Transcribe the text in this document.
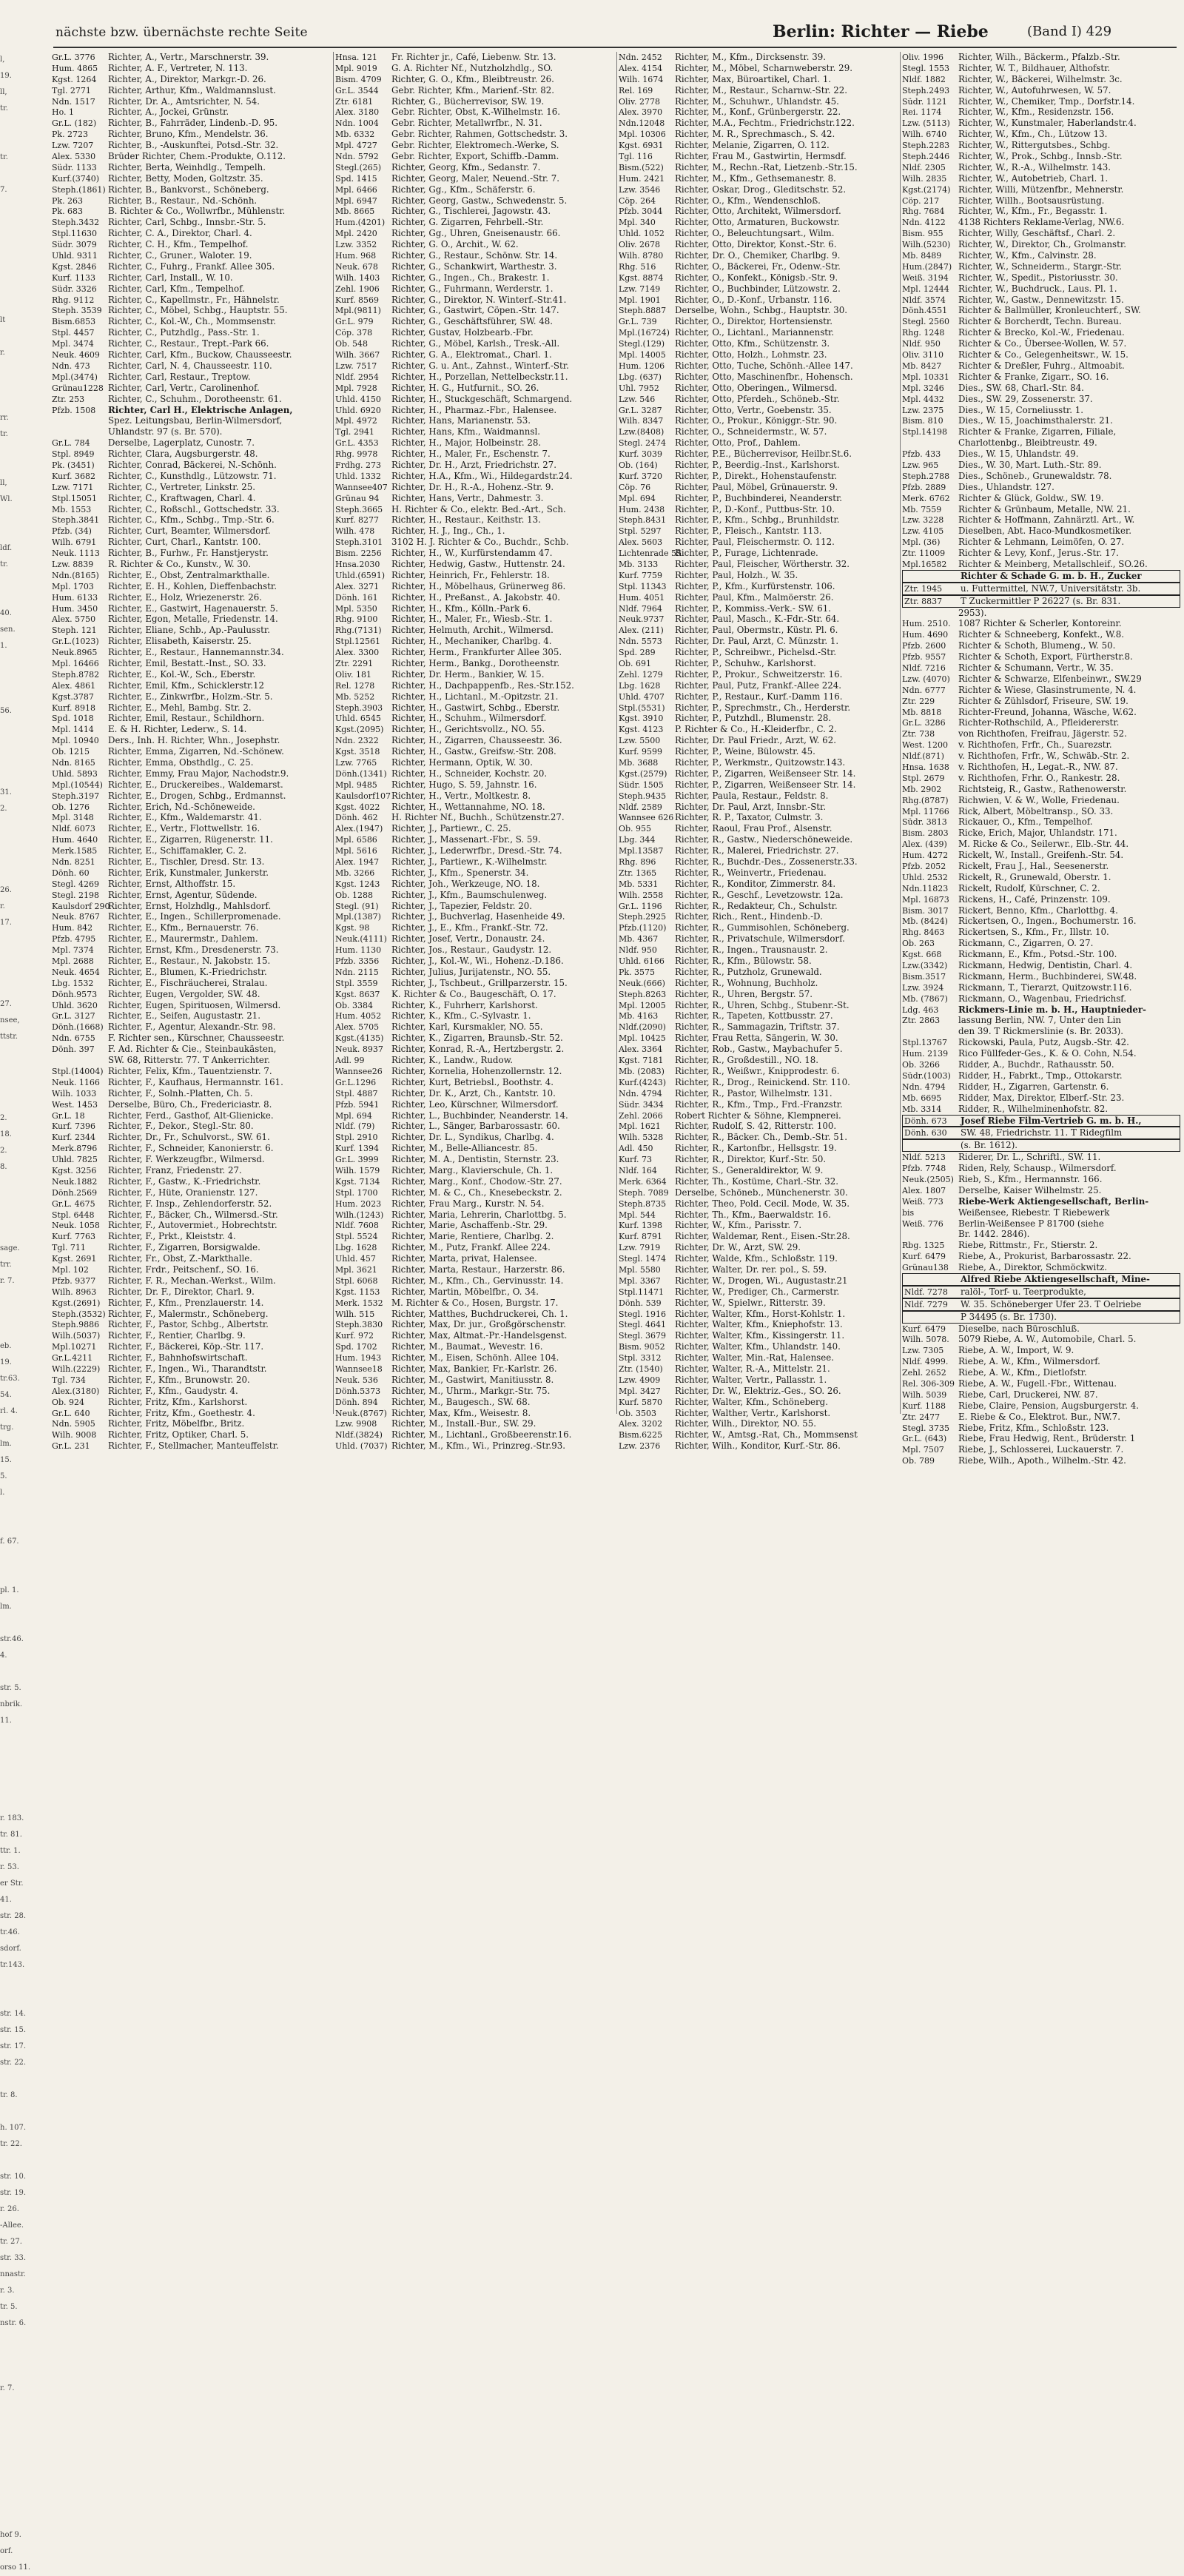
nächste bzw. übernächste rechte Seite	Berlin: Richter — Riebe	(Band I) 429
l,
19.
ll,
tr.
tr.
7.
lt
r.
rr.
tr.
ll,
Wl.
ldf.
tr.
40.
sen.
1.
56.
31.
2.
26.
r.
17.
27.
nsee,
ttstr.
2.
18.
2.
8.
sage.
trr.
r. 7.
eb.
19.
tr.63.
54.
rl. 4.
trg.
lm.
15.
5.
l.
f. 67.
pl. 1.
lm.
str.46.
4.
str. 5.
nbrik.
11.
r. 183.
tr. 81.
ttr. 1.
r. 53.
er Str.
41.
str. 28.
tr.46.
sdorf.
tr.143.
str. 14.
str. 15.
str. 17.
str. 22.
tr. 8.
h. 107.
tr. 22.
str. 10.
str. 19.
r. 26.
-Allee.
tr. 27.
str. 33.
nnastr.
r. 3.
tr. 5.
nstr. 6.
r. 7.
hof 9.
orf.
orso 11.
Gr.L. 3776 Richter, A., Vertr., Marschnerstr. 39.
Hum. 4865 Richter, A. F., Vertreter, N. 113.
Kgst. 1264 Richter, A., Direktor, Markgr.-D. 26.
Tgl. 2771 Richter, Arthur, Kfm., Waldmannslust.
Ndn. 1517 Richter, Dr. A., Amtsrichter, N. 54.
Ho. 1	Richter, A., Jockei, Grünstr.
Gr.L. (182) Richter, B., Fahrräder, Lindenb.-D. 95.
Pk. 2723 Richter, Bruno, Kfm., Mendelstr. 36.
Lzw. 7207 Richter, B., -Auskunftei, Potsd.-Str. 32.
Alex. 5330 Brüder Richter, Chem.-Produkte, O.112.
Südr. 1133 Richter, Berta, Weinhdlg., Tempelh.
Kurf.(3740) Richter, Betty, Moden, Goltzstr. 35.
Steph.(1861) Richter, B., Bankvorst., Schöneberg.
Pk. 263	Richter, B., Restaur., Nd.-Schönh.
Pk. 683	B. Richter & Co., Wollwrfbr., Mühlenstr.
Steph.3432 Richter, Carl, Schbg., Innsbr.-Str. 5.
Stpl.11630 Richter, C. A., Direktor, Charl. 4.
Südr. 3079 Richter, C. H., Kfm., Tempelhof.
Uhld. 9311 Richter, C., Gruner., Waloter. 19.
Kgst. 2846 Richter, C., Fuhrg., Frankf. Allee 305.
Kurf. 1133 Richter, Carl, Install., W. 10.
Südr. 3326 Richter, Carl, Kfm., Tempelhof.
Rhg. 9112 Richter, C., Kapellmstr., Fr., Hähnelstr.
Steph. 3539 Richter, C., Möbel, Schbg., Hauptstr. 55.
Bism.6853 Richter, C., Kol.-W., Ch., Mommsenstr.
Stpl. 4457 Richter, C., Putzhdlg., Pass.-Str. 1.
Mpl. 3474 Richter, C., Restaur., Trept.-Park 66.
Neuk. 4609 Richter, Carl, Kfm., Buckow, Chausseestr.
Ndn. 473 Richter, Carl, N. 4, Chausseestr. 110.
Mpl.(3474) Richter, Carl, Restaur., Treptow.
Grünau1228 Richter, Carl, Vertr., Carolinenhof.
Ztr. 253	Richter, C., Schuhm., Dorotheenstr. 61.
Pfzb. 1508 Richter, Carl H., Elektrische Anlagen,
Spez. Leitungsbau, Berlin-Wilmersdorf,
Uhlandstr. 97 (s. Br. 570).
Gr.L. 784 Derselbe, Lagerplatz, Cunostr. 7.
Stpl. 8949 Richter, Clara, Augsburgerstr. 48.
Pk. (3451) Richter, Conrad, Bäckerei, N.-Schönh.
Kurf. 3682 Richter, C., Kunsthdlg., Lützowstr. 71.
Lzw. 7171 Richter, C., Vertreter, Linkstr. 25.
Stpl.15051 Richter, C., Kraftwagen, Charl. 4.
Mb. 1553 Richter, C., Roßschl., Gottschedstr. 33.
Steph.3841 Richter, C., Kfm., Schbg., Tmp.-Str. 6.
Pfzb. (34) Richter, Curt, Beamter, Wilmersdorf.
Wilh. 6791 Richter, Curt, Charl., Kantstr. 100.
Neuk. 1113 Richter, B., Furhw., Fr. Hanstjerystr.
Lzw. 8839 R. Richter & Co., Kunstv., W. 30.
Ndn.(8165) Richter, E., Obst, Zentralmarkthalle.
Mpl. 1703 Richter, E. H., Kohlen, Dieffenbachstr.
Hum. 6133 Richter, E., Holz, Wriezenerstr. 26.
Hum. 3450 Richter, E., Gastwirt, Hagenauerstr. 5.
Alex. 5750 Richter, Egon, Metalle, Friedenstr. 14.
Steph. 121 Richter, Eliane, Schb., Ap.-Paulusstr.
Gr.L.(1023) Richter, Elisabeth, Kaiserstr. 25.
Neuk.8965 Richter, E., Restaur., Hannemannstr.34.
Mpl. 16466 Richter, Emil, Bestatt.-Inst., SO. 33.
Steph.8782 Richter, E., Kol.-W., Sch., Eberstr.
Alex. 4861 Richter, Emil, Kfm., Schicklerstr.12
Kgst.3787 Richter, E., Zinkwrfbr., Holzm.-Str. 5.
Kurf. 8918 Richter, E., Mehl, Bambg. Str. 2.
Spd. 1018 Richter, Emil, Restaur., Schildhorn.
Mpl. 1414 E. & H. Richter, Lederw., S. 14.
Mpl. 10940 Ders., Inh. H. Richter, Whn., Josephstr.
Ob. 1215 Richter, Emma, Zigarren, Nd.-Schönew.
Ndn. 8165 Richter, Emma, Obsthdlg., C. 25.
Uhld. 5893 Richter, Emmy, Frau Major, Nachodstr.9.
Mpl.(10544) Richter, E., Druckereibes., Waldemarst.
Steph.3197 Richter, E., Drogen, Schbg., Erdmannst.
Ob. 1276 Richter, Erich, Nd.-Schöneweide.
Mpl. 3148 Richter, E., Kfm., Waldemarstr. 41.
Nldf. 6073 Richter, E., Vertr., Flottwellstr. 16.
Hum. 4640 Richter, E., Zigarren, Rügenerstr. 11.
Merk.1585 Richter, E., Schiffamakler, C. 2.
Ndn. 8251 Richter, E., Tischler, Dresd. Str. 13.
Dönh. 60 Richter, Erik, Kunstmaler, Junkerstr.
Stegl. 4269 Richter, Ernst, Althoffstr. 15.
Stegl. 2198 Richter, Ernst, Agentur, Südende.
Kaulsdorf 290Richter, Ernst, Holzhdlg., Mahlsdorf.
Neuk. 8767 Richter, E., Ingen., Schillerpromenade.
Hum. 842 Richter, E., Kfm., Bernauerstr. 76.
Pfzb. 4795 Richter, E., Maurermstr., Dahlem.
Mpl. 7374 Richter, Ernst, Kfm., Dresdenerstr. 73.
Mpl. 2688 Richter, E., Restaur., N. Jakobstr. 15.
Neuk. 4654 Richter, E., Blumen, K.-Friedrichstr.
Lbg. 1532 Richter, E., Fischräucherei, Stralau.
Dönh.9573 Richter, Eugen, Vergolder, SW. 48.
Uhld. 3620 Richter, Eugen, Spirituosen, Wilmersd.
Gr.L. 3127 Richter, E., Seifen, Augustastr. 21.
Dönh.(1668) Richter, F., Agentur, Alexandr.-Str. 98.
Ndn. 6755 F. Richter sen., Kürschner, Chausseestr.
Dönh. 397 F. Ad. Richter & Cie., Steinbaukästen,
SW. 68, Ritterstr. 77. T Ankerrichter.
Stpl.(14004) Richter, Felix, Kfm., Tauentzienstr. 7.
Neuk. 1166 Richter, F., Kaufhaus, Hermannstr. 161.
Wilh. 1033 Richter, F., Solnh.-Platten, Ch. 5.
West. 1453 Derselbe, Büro, Ch., Fredericiastr. 8.
Gr.L. 18	Richter, Ferd., Gasthof, Alt-Glienicke.
Kurf. 7396 Richter, F., Dekor., Stegl.-Str. 80.
Kurf. 2344 Richter, Dr., Fr., Schulvorst., SW. 61.
Merk.8796 Richter, F., Schneider, Kanonierstr. 6.
Uhld. 7825 Richter, F. Werkzeugfbr., Wilmersd.
Kgst. 3256 Richter, Franz, Friedenstr. 27.
Neuk.1882 Richter, F., Gastw., K.-Friedrichstr.
Dönh.2569 Richter, F., Hüte, Oranienstr. 127.
Gr.L. 4675 Richter, F. Insp., Zehlendorferstr. 52.
Stpl. 6448 Richter, F., Bäcker, Ch., Wilmersd.-Str.
Neuk. 1058 Richter, F., Autovermiet., Hobrechtstr.
Kurf. 7763 Richter, F., Prkt., Kleiststr. 4.
Tgl. 711	Richter, F., Zigarren, Borsigwalde.
Kgst. 2691 Richter, Fr., Obst, Z.-Markthalle.
Mpl. 102 Richter, Frdr., Peitschenf., SO. 16.
Pfzb. 9377 Richter, F. R., Mechan.-Werkst., Wilm.
Wilh. 8963 Richter, Dr. F., Direktor, Charl. 9.
Kgst.(2691) Richter, F., Kfm., Prenzlauerstr. 14.
Steph.(3532) Richter, F., Malermstr., Schöneberg.
Steph.9886 Richter, F., Pastor, Schbg., Albertstr.
Wilh.(5037) Richter, F., Rentier, Charlbg. 9.
Mpl.10271 Richter, F., Bäckerei, Köp.-Str. 117.
Gr.L.4211 Richter, F., Bahnhofswirtschaft.
Wilh.(2229) Richter, F., Ingen., Wi., Tharandtstr.
Tgl. 734	Richter, F., Kfm., Brunowstr. 20.
Alex.(3180) Richter, F., Kfm., Gaudystr. 4.
Ob. 924	Richter, Fritz, Kfm., Karlshorst.
Gr.L. 640 Richter, Fritz, Kfm., Goethestr. 4.
Ndn. 5905 Richter, Fritz, Möbelfbr., Britz.
Wilh. 9008 Richter, Fritz, Optiker, Charl. 5.
Gr.L. 231 Richter, F., Stellmacher, Manteuffelstr.
Hnsa. 121 Fr. Richter jr., Café, Liebenw. Str. 13.
Mpl. 9019 G. A. Richter Nf., Nutzholzhdlg., SO.
Bism. 4709 Richter, G. O., Kfm., Bleibtreustr. 26.
Gr.L. 3544 Gebr. Richter, Kfm., Marienf.-Str. 82.
Ztr. 6181 Richter, G., Bücherrevisor, SW. 19.
Alex. 3180 Gebr. Richter, Obst, K.-Wilhelmstr. 16.
Ndn. 1004 Gebr. Richter, Metallwrfbr., N. 31.
Mb. 6332 Gebr. Richter, Rahmen, Gottschedstr. 3.
Mpl. 4727 Gebr. Richter, Elektromech.-Werke, S.
Ndn. 5792 Gebr. Richter, Export, Schiffb.-Damm.
Stegl.(265) Richter, Georg, Kfm., Sedanstr. 7.
Spd. 1415 Richter, Georg, Maler, Neuend.-Str. 7.
Mpl. 6466 Richter, Gg., Kfm., Schäferstr. 6.
Mpl. 6947 Richter, Georg, Gastw., Schwedenstr. 5.
Mb. 8665 Richter, G., Tischlerei, Jagowstr. 43.
Hum.(4201) Richter, G. Zigarren, Fehrbell.-Str.
Mpl. 2420 Richter, Gg., Uhren, Gneisenaustr. 66.
Lzw. 3352 Richter, G. O., Archit., W. 62.
Hum. 968 Richter, G., Restaur., Schönw. Str. 14.
Neuk. 678 Richter, G., Schankwirt, Warthestr. 3.
Wilh. 1403 Richter, G., Ingen., Ch., Brakestr. 1.
Zehl. 1906 Richter, G., Fuhrmann, Werderstr. 1.
Kurf. 8569 Richter, G., Direktor, N. Winterf.-Str.41.
Mpl.(9811) Richter, G., Gastwirt, Cöpen.-Str. 147.
Gr.L. 979 Richter, G., Geschäftsführer, SW. 48.
Cöp. 378 Richter, Gustav, Holzbearb.-Fbr.
Ob. 548	Richter, G., Möbel, Karlsh., Tresk.-All.
Wilh. 3667 Richter, G. A., Elektromat., Charl. 1.
Lzw. 7517 Richter, G. u. Ant., Zahnst., Winterf.-Str.
Nldf. 2954 Richter, H., Porzellan, Nettelbeckstr.11.
Mpl. 7928 Richter, H. G., Hutfurnit., SO. 26.
Uhld. 4150 Richter, H., Stuckgeschäft, Schmargend.
Uhld. 6920 Richter, H., Pharmaz.-Fbr., Halensee.
Mpl. 4972 Richter, Hans, Marianenstr. 53.
Tgl. 2941 Richter, Hans, Kfm., Waidmannsl.
Gr.L. 4353 Richter, H., Major, Holbeinstr. 28.
Rhg. 9978 Richter, H., Maler, Fr., Eschenstr. 7.
Frdhg. 273 Richter, Dr. H., Arzt, Friedrichstr. 27.
Uhld. 1332 Richter, H.A., Kfm., Wi., Hildegardstr.24.
Wannsee407 Richter, Dr. H., R.-A., Hohenz.-Str. 9.
Grünau 94 Richter, Hans, Vertr., Dahmestr. 3.
Steph.3665 H. Richter & Co., elektr. Bed.-Art., Sch.
Kurf. 8277 Richter, H., Restaur., Keithstr. 13.
Wilh. 478 Richter, H. J., Ing., Ch., 1.
Steph.3101 3102 H. J. Richter & Co., Buchdr., Schb.
Bism. 2256 Richter, H., W., Kurfürstendamm 47.
Hnsa.2030 Richter, Hedwig, Gastw., Huttenstr. 24.
Uhld.(6591) Richter, Heinrich, Fr., Fehlerstr. 18.
Alex. 3271 Richter, H., Möbelhaus, Grünerweg 86.
Dönh. 161 Richter, H., Preßanst., A. Jakobstr. 40.
Mpl. 5350 Richter, H., Kfm., Kölln.-Park 6.
Rhg. 9100 Richter, H., Maler, Fr., Wiesb.-Str. 1.
Rhg.(7131) Richter, Helmuth, Archit., Wilmersd.
Stpl.12561 Richter, H., Mechaniker, Charlbg. 4.
Alex. 3300 Richter, Herm., Frankfurter Allee 305.
Ztr. 2291 Richter, Herm., Bankg., Dorotheenstr.
Oliv. 181 Richter, Dr. Herm., Bankier, W. 15.
Rel. 1278 Richter, H., Dachpappenfb., Res.-Str.152.
Mb. 5252 Richter, H., Lichtanl., M.-Opitzstr. 21.
Steph.3903 Richter, H., Gastwirt, Schbg., Eberstr.
Uhld. 6545 Richter, H., Schuhm., Wilmersdorf.
Kgst.(2095) Richter, H., Gerichtsvollz., NO. 55.
Ndn. 2322 Richter, H., Zigarren, Chausseestr. 36.
Kgst. 3518 Richter, H., Gastw., Greifsw.-Str. 208.
Lzw. 7765 Richter, Hermann, Optik, W. 30.
Dönh.(1341) Richter, H., Schneider, Kochstr. 20.
Mpl. 9485 Richter, Hugo, S. 59, Jahnstr. 16.
Kaulsdorf107Richter, H., Vertr., Moltkestr. 8.
Kgst. 4022 Richter, H., Wettannahme, NO. 18.
Dönh. 462 H. Richter Nf., Buchh., Schützenstr.27.
Alex.(1947) Richter, J., Partiewr., C. 25.
Mpl. 6586 Richter, J., Massenart.-Fbr., S. 59.
Mpl. 5616 Richter, J., Lederwrfbr., Dresd.-Str. 74.
Alex. 1947 Richter, J., Partiewr., K.-Wilhelmstr.
Mb. 3266 Richter, J., Kfm., Spenerstr. 34.
Kgst. 1243 Richter, Joh., Werkzeuge, NO. 18.
Ob. 1288 Richter, J., Kfm., Baumschulenweg.
Stegl. (91) Richter, J., Tapezier, Feldstr. 20.
Mpl.(1387) Richter, J., Buchverlag, Hasenheide 49.
Kgst. 98	Richter, J., E., Kfm., Frankf.-Str. 72.
Neuk.(4111) Richter, Josef, Vertr., Donaustr. 24.
Hum. 1130 Richter, Jos., Restaur., Gaudystr. 12.
Pfzb. 3356 Richter, J., Kol.-W., Wi., Hohenz.-D.186.
Ndn. 2115 Richter, Julius, Jurijatenstr., NO. 55.
Stpl. 3559 Richter, J., Tschbeut., Grillparzerstr. 15.
Kgst. 8637 K. Richter & Co., Baugeschäft, O. 17.
Ob. 3384 Richter, K., Fuhrherr, Karlshorst.
Hum. 4052 Richter, K., Kfm., C.-Sylvastr. 1.
Alex. 5705 Richter, Karl, Kursmakler, NO. 55.
Kgst.(4135) Richter, K., Zigarren, Braunsb.-Str. 52.
Neuk. 8937 Richter, Konrad, R.-A., Hertzbergstr. 2.
Adl. 99	Richter, K., Landw., Rudow.
Wannsee26 Richter, Kornelia, Hohenzollernstr. 12.
Gr.L.1296 Richter, Kurt, Betriebsl., Boothstr. 4.
Stpl. 4887 Richter, Dr. K., Arzt, Ch., Kantstr. 10.
Pfzb. 5941 Richter, Leo, Kürschner, Wilmersdorf.
Mpl. 694 Richter, L., Buchbinder, Neanderstr. 14.
Nldf. (79) Richter, L., Sänger, Barbarossastr. 60.
Stpl. 2910 Richter, Dr. L., Syndikus, Charlbg. 4.
Kurf. 1394 Richter, M., Belle-Alliancestr. 85.
Gr.L. 3999 Richter, M. A., Dentistin, Sternstr. 23.
Wilh. 1579 Richter, Marg., Klavierschule, Ch. 1.
Kgst. 7134 Richter, Marg., Konf., Chodow.-Str. 27.
Stpl. 1700 Richter, M. & C., Ch., Knesebeckstr. 2.
Hum. 2023 Richter, Frau Marg., Kurstr. N. 54.
Wilh.(1243) Richter, Maria, Lehrerin, Charlottbg. 5.
Nldf. 7608 Richter, Marie, Aschaffenb.-Str. 29.
Stpl. 5524 Richter, Marie, Rentiere, Charlbg. 2.
Lbg. 1628 Richter, M., Putz, Frankf. Allee 224.
Uhld. 457 Richter, Marta, privat, Halensee.
Mpl. 3621 Richter, Marta, Restaur., Harzerstr. 86.
Stpl. 6068 Richter, M., Kfm., Ch., Gervinusstr. 14.
Kgst. 1153 Richter, Martin, Möbelfbr., O. 34.
Merk. 1532 M. Richter & Co., Hosen, Burgstr. 17.
Wilh. 515 Richter, Matthes, Buchdruckerei, Ch. 1.
Steph.3830 Richter, Max, Dr. jur., Großgörschenstr.
Kurf. 972 Richter, Max, Altmat.-Pr.-Handelsgenst.
Spd. 1702 Richter, M., Baumat., Wevestr. 16.
Hum. 1943 Richter, M., Eisen, Schönh. Allee 104.
Wannsee18 Richter, Max, Bankier, Fr.-Karlstr. 26.
Neuk. 536 Richter, M., Gastwirt, Manitiusstr. 8.
Dönh.5373 Richter, M., Uhrm., Markgr.-Str. 75.
Dönh. 894 Richter, M., Baugesch., SW. 68.
Neuk.(8767) Richter, Max, Kfm., Weisestr. 8.
Lzw. 9908 Richter, M., Install.-Bur., SW. 29.
Nldf.(3824) Richter, M., Lichtanl., Großbeerenstr.16.
Uhld. (7037) Richter, M., Kfm., Wi., Prinzreg.-Str.93.
Ndn. 2452 Richter, M., Kfm., Dircksenstr. 39.
Alex. 4154 Richter, M., Möbel, Scharnweberstr. 29.
Wilh. 1674 Richter, Max, Büroartikel, Charl. 1.
Rel. 169	Richter, M., Restaur., Scharnw.-Str. 22.
Oliv. 2778 Richter, M., Schuhwr., Uhlandstr. 45.
Alex. 3970 Richter, M., Konf., Grünbergerstr. 22.
Ndn.12048 Richter, M.A., Fechtm., Friedrichstr.122.
Mpl. 10306 Richter, M. R., Sprechmasch., S. 42.
Kgst. 6931 Richter, Melanie, Zigarren, O. 112.
Tgl. 116	Richter, Frau M., Gastwirtin, Hermsdf.
Bism.(522) Richter, M., Rechn.-Rat, Lietzenb.-Str.15.
Hum. 2421 Richter, M., Kfm., Gethsemanestr. 8.
Lzw. 3546 Richter, Oskar, Drog., Gleditschstr. 52.
Cöp. 264 Richter, O., Kfm., Wendenschloß.
Pfzb. 3044 Richter, Otto, Architekt, Wilmersdorf.
Mpl. 340 Richter, Otto, Armaturen, Buckowstr.
Uhld. 1052 Richter, O., Beleuchtungsart., Wilm.
Oliv. 2678 Richter, Otto, Direktor, Konst.-Str. 6.
Wilh. 8780 Richter, Dr. O., Chemiker, Charlbg. 9.
Rhg. 516 Richter, O., Bäckerei, Fr., Odenw.-Str.
Kgst. 8874 Richter, O., Konfekt., Königsb.-Str. 9.
Lzw. 7149 Richter, O., Buchbinder, Lützowstr. 2.
Mpl. 1901 Richter, O., D.-Konf., Urbanstr. 116.
Steph.8887 Derselbe, Wohn., Schbg., Hauptstr. 30.
Gr.L. 739 Richter, O., Direktor, Hortensienstr.
Mpl.(16724) Richter, O., Lichtanl., Mariannenstr.
Stegl.(129) Richter, Otto, Kfm., Schützenstr. 3.
Mpl. 14005 Richter, Otto, Holzh., Lohmstr. 23.
Hum. 1206 Richter, Otto, Tuche, Schönh.-Allee 147.
Lbg. (637) Richter, Otto, Maschinenfbr., Hohensch.
Uhl. 7952 Richter, Otto, Oberingen., Wilmersd.
Lzw. 546 Richter, Otto, Pferdeh., Schöneb.-Str.
Gr.L. 3287 Richter, Otto, Vertr., Goebenstr. 35.
Wilh. 8347 Richter, O., Prokur., Königgr.-Str. 90.
Lzw.(8408) Richter, O., Schneidermstr., W. 57.
Stegl. 2474 Richter, Otto, Prof., Dahlem.
Kurf. 3039 Richter, P.E., Bücherrevisor, Heilbr.St.6.
Ob. (164) Richter, P., Beerdig.-Inst., Karlshorst.
Kurf. 3720 Richter, P., Direkt., Hohenstaufenstr.
Cöp. 76	Richter, Paul, Möbel, Grünauerstr. 9.
Mpl. 694 Richter, P., Buchbinderei, Neanderstr.
Hum. 2438 Richter, P., D.-Konf., Puttbus-Str. 10.
Steph.8431 Richter, P., Kfm., Schbg., Brunhildstr.
Stpl. 5297 Richter, P., Fleisch., Kantstr. 113.
Alex. 5603 Richter, Paul, Fleischermstr. O. 112.
Lichtenrade 55Richter, P., Furage, Lichtenrade.
Mb. 3133 Richter, Paul, Fleischer, Wörtherstr. 32.
Kurf. 7759 Richter, Paul, Holzh., W. 35.
Stpl. 11343 Richter, P., Kfm., Kurfürstenstr. 106.
Hum. 4051 Richter, Paul, Kfm., Malmöerstr. 26.
Nldf. 7964 Richter, P., Kommiss.-Verk.- SW. 61.
Neuk.9737 Richter, Paul, Masch., K.-Fdr.-Str. 64.
Alex. (211) Richter, Paul, Obermstr., Küstr. Pl. 6.
Ndn. 5573 Richter, Dr. Paul, Arzt, C. Münzstr. 1.
Spd. 289 Richter, P., Schreibwr., Pichelsd.-Str.
Ob. 691	Richter, P., Schuhw., Karlshorst.
Zehl. 1279 Richter, P., Prokur., Schweitzerstr. 16.
Lbg. 1628 Richter, Paul, Putz, Frankf.-Allee 224.
Uhld. 4707 Richter, P., Restaur., Kurf.-Damm 116.
Stpl.(5531) Richter, P., Sprechmstr., Ch., Herderstr.
Kgst. 3910 Richter, P., Putzhdl., Blumenstr. 28.
Kgst. 4123 P. Richter & Co., H.-Kleiderfbr., C. 2.
Lzw. 5500 Richter, Dr. Paul Friedr., Arzt, W. 62.
Kurf. 9599 Richter, P., Weine, Bülowstr. 45.
Mb. 3688 Richter, P., Werkmstr., Quitzowstr.143.
Kgst.(2579) Richter, P., Zigarren, Weißenseer Str. 14.
Südr. 1505 Richter, P., Zigarren, Weißenseer Str. 14.
Steph.9435 Richter, Paula, Restaur., Feldstr. 8.
Nldf. 2589 Richter, Dr. Paul, Arzt, Innsbr.-Str.
Wannsee 626 Richter, R. P., Taxator, Culmstr. 3.
Ob. 955	Richter, Raoul, Frau Prof., Alsenstr.
Lbg. 344 Richter, R., Gastw., Niederschöneweide.
Mpl.13587 Richter, R., Malerei, Friedrichstr. 27.
Rhg. 896 Richter, R., Buchdr.-Des., Zossenerstr.33.
Ztr. 1365 Richter, R., Weinvertr., Friedenau.
Mb. 5331 Richter, R., Konditor, Zimmerstr. 84.
Wilh. 2558 Richter, R., Geschf., Levetzowstr. 12a.
Gr.L. 1196 Richter, R., Redakteur, Ch., Schulstr.
Steph.2925 Richter, Rich., Rent., Hindenb.-D.
Pfzb.(1120) Richter, R., Gummisohlen, Schöneberg.
Mb. 4367 Richter, R., Privatschule, Wilmersdorf.
Nldf. 950 Richter, R., Ingen., Trausnaustr. 2.
Uhld. 6166 Richter, R., Kfm., Bülowstr. 58.
Pk. 3575 Richter, R., Putzholz, Grunewald.
Neuk.(666) Richter, R., Wohnung, Buchholz.
Steph.8263 Richter, R., Uhren, Bergstr. 57.
Mpl. 12005 Richter, R., Uhren, Schbg., Stubenr.-St.
Mb. 4163 Richter, R., Tapeten, Kottbusstr. 27.
Nldf.(2090) Richter, R., Sammagazin, Triftstr. 37.
Mpl. 10425 Richter, Frau Retta, Sängerin, W. 30.
Alex. 3364 Richter, Rob., Gastw., Maybachufer 5.
Kgst. 7181 Richter, R., Großdestill., NO. 18.
Mb. (2083) Richter, R., Weißwr., Knipprodestr. 6.
Kurf.(4243) Richter, R., Drog., Reinickend. Str. 110.
Ndn. 4794 Richter, R., Pastor, Wilhelmstr. 131.
Südr. 3434 Richter, R., Kfm., Tmp., Frd.-Franzstr.
Zehl. 2066 Robert Richter & Söhne, Klempnerei.
Mpl. 1621 Richter, Rudolf, S. 42, Ritterstr. 100.
Wilh. 5328 Richter, R., Bäcker. Ch., Demb.-Str. 51.
Adl. 450	Richter, R., Kartonfbr., Hellsgstr. 19.
Kurf. 73	Richter, R., Direktor, Kurf.-Str. 50.
Nldf. 164 Richter, S., Generaldirektor, W. 9.
Merk. 6364 Richter, Th., Kostüme, Charl.-Str. 32.
Steph. 7089 Derselbe, Schöneb., Münchenerstr. 30.
Steph.8735 Richter, Theo, Pold. Cecil. Mode, W. 35.
Mpl. 544 Richter, Th., Kfm., Baerwaldstr. 16.
Kurf. 1398 Richter, W., Kfm., Parisstr. 7.
Kurf. 8791 Richter, Waldemar, Rent., Eisen.-Str.28.
Lzw. 7919 Richter, Dr. W., Arzt, SW. 29.
Stegl. 1474 Richter, Walde, Kfm., Schloßstr. 119.
Mpl. 5580 Richter, Walter, Dr. rer. pol., S. 59.
Mpl. 3367 Richter, W., Drogen, Wi., Augustastr.21
Stpl.11471 Richter, W., Prediger, Ch., Carmerstr.
Dönh. 539 Richter, W., Spielwr., Ritterstr. 39.
Stegl. 1916 Richter, Walter, Kfm., Horst-Kohlstr. 1.
Stegl. 4641 Richter, Walter, Kfm., Kniephofstr. 13.
Stegl. 3679 Richter, Walter, Kfm., Kissingerstr. 11.
Bism. 9052 Richter, Walter, Kfm., Uhlandstr. 140.
Stpl. 3312 Richter, Walter, Min.-Rat, Halensee.
Ztr. (1540) Richter, Walter, R.-A., Mittelstr. 21.
Lzw. 4909 Richter, Walter, Vertr., Pallasstr. 1.
Mpl. 3427 Richter, Dr. W., Elektriz.-Ges., SO. 26.
Kurf. 5870 Richter, Walter, Kfm., Schöneberg.
Ob. 3503 Richter, Walther, Vertr., Karlshorst.
Alex. 3202 Richter, Wilh., Direktor, NO. 55.
Bism.6225 Richter, W., Amtsg.-Rat, Ch., Mommsenst
Lzw. 2376 Richter, Wilh., Konditor, Kurf.-Str. 86.
Oliv. 1996 Richter, Wilh., Bäckerm., Pfalzb.-Str.
Stegl. 1553 Richter, W. T., Bildhauer, Althofstr.
Nldf. 1882 Richter, W., Bäckerei, Wilhelmstr. 3c.
Steph.2493 Richter, W., Autofuhrwesen, W. 57.
Südr. 1121 Richter, W., Chemiker, Tmp., Dorfstr.14.
Rei. 1174 Richter, W., Kfm., Residenzstr. 156.
Lzw. (5113) Richter, W., Kunstmaler, Haberlandstr.4.
Wilh. 6740 Richter, W., Kfm., Ch., Lützow 13.
Steph.2283 Richter, W., Rittergutsbes., Schbg.
Steph.2446 Richter, W., Prok., Schbg., Innsb.-Str.
Nldf. 2305 Richter, W., R.-A., Wilhelmstr. 143.
Wilh. 2835 Richter, W., Autobetrieb, Charl. 1.
Kgst.(2174) Richter, Willi, Mützenfbr., Mehnerstr.
Cöp. 217 Richter, Willh., Bootsausrüstung.
Rhg. 7684 Richter, W., Kfm., Fr., Begasstr. 1.
Ndn. 4122 4138 Richters Reklame-Verlag, NW.6.
Bism. 955 Richter, Willy, Geschäftsf., Charl. 2.
Wilh.(5230) Richter, W., Direktor, Ch., Grolmanstr.
Mb. 8489 Richter, W., Kfm., Calvinstr. 28.
Hum.(2847) Richter, W., Schneiderm., Stargr.-Str.
Weiß. 3194 Richter, W., Spedit., Pistoriusstr. 30.
Mpl. 12444 Richter, W., Buchdruck., Laus. Pl. 1.
Nldf. 3574 Richter, W., Gastw., Dennewitzstr. 15.
Dönh.4551 Richter & Ballmüller, Kronleuchterf., SW.
Stegl. 2560 Richter & Borcherdt, Techn. Bureau.
Rhg. 1248 Richter & Brecko, Kol.-W., Friedenau.
Nldf. 950 Richter & Co., Übersee-Wollen, W. 57.
Oliv. 3110 Richter & Co., Gelegenheitswr., W. 15.
Mb. 8427 Richter & Dreßler, Fuhrg., Altmoabit.
Mpl. 10331 Richter & Franke, Zigarr., SO. 16.
Mpl. 3246 Dies., SW. 68, Charl.-Str. 84.
Mpl. 4432 Dies., SW. 29, Zossenerstr. 37.
Lzw. 2375 Dies., W. 15, Corneliusstr. 1.
Bism. 810 Dies., W. 15, Joachimsthalerstr. 21.
Stpl.14198 Richter & Franke, Zigarren, Filiale,
Charlottenbg., Bleibtreustr. 49.
Pfzb. 433 Dies., W. 15, Uhlandstr. 49.
Lzw. 965 Dies., W. 30, Mart. Luth.-Str. 89.
Steph.2788 Dies., Schöneb., Grunewaldstr. 78.
Pfzb. 2889 Dies., Uhlandstr. 127.
Merk. 6762 Richter & Glück, Goldw., SW. 19.
Mb. 7559 Richter & Grünbaum, Metalle, NW. 21.
Lzw. 3228 Richter & Hoffmann, Zahnärztl. Art., W.
Lzw. 4105 Dieselben, Abt. Haco-Mundkosmetiker.
Mpl. (36) Richter & Lehmann, Leimöfen, O. 27.
Ztr. 11009 Richter & Levy, Konf., Jerus.-Str. 17.
Mpl.16582 Richter & Meinberg, Metallschleif., SO.26.
Richter & Schade G. m. b. H., Zucker
Ztr. 1945 u. Futtermittel, NW.7, Universitätstr. 3b.
Ztr. 8837 T Zuckermittler P 26227 (s. Br. 831.
2953).
Hum. 2510. 1087 Richter & Scherler, Kontoreinr.
Hum. 4690 Richter & Schneeberg, Konfekt., W.8.
Pfzb. 2600 Richter & Schoth, Blumeng., W. 50.
Pfzb. 9557 Richter & Schoth, Export, Fürtherstr.8.
Nldf. 7216 Richter & Schumann, Vertr., W. 35.
Lzw. (4070) Richter & Schwarze, Elfenbeinwr., SW.29
Ndn. 6777 Richter & Wiese, Glasinstrumente, N. 4.
Ztr. 229	Richter & Zühlsdorf, Friseure, SW. 19.
Mb. 8818 Richter-Freund, Johanna, Wäsche, W.62.
Gr.L. 3286 Richter-Rothschild, A., Pfleidererstr.
Ztr. 738	von Richthofen, Freifrau, Jägerstr. 52.
West. 1200 v. Richthofen, Frfr., Ch., Suarezstr.
Nldf.(871) v. Richthofen, Frfr., W., Schwäb.-Str. 2.
Hnsa. 1638 v. Richthofen, H., Legat.-R., NW. 87.
Stpl. 2679 v. Richthofen, Frhr. O., Rankestr. 28.
Mb. 2902 Richtsteig, R., Gastw., Rathenowerstr.
Rhg.(8787) Richwien, V. & W., Wolle, Friedenau.
Mpl. 11766 Rick, Albert, Möbeltransp., SO. 33.
Südr. 3813 Rickauer, O., Kfm., Tempelhof.
Bism. 2803 Ricke, Erich, Major, Uhlandstr. 171.
Alex. (439) M. Ricke & Co., Seilerwr., Elb.-Str. 44.
Hum. 4272 Rickelt, W., Install., Greifenh.-Str. 54.
Pfzb. 2052 Rickelt, Frau J., Hal., Seesenerstr.
Uhld. 2532 Rickelt, R., Grunewald, Oberstr. 1.
Ndn.11823 Rickelt, Rudolf, Kürschner, C. 2.
Mpl. 16873 Rickens, H., Café, Prinzenstr. 109.
Bism. 3017 Rickert, Benno, Kfm., Charlottbg. 4.
Mb. (8424) Rickertsen, O., Ingen., Bochumerstr. 16.
Rhg. 8463 Rickertsen, S., Kfm., Fr., Illstr. 10.
Ob. 263	Rickmann, C., Zigarren, O. 27.
Kgst. 668 Rickmann, E., Kfm., Potsd.-Str. 100.
Lzw.(3342) Rickmann, Hedwig, Dentistin, Charl. 4.
Bism.3517 Rickmann, Herm., Buchbinderei, SW.48.
Lzw. 3924 Rickmann, T., Tierarzt, Quitzowstr.116.
Mb. (7867) Rickmann, O., Wagenbau, Friedrichsf.
Ldg. 463 Rickmers-Linie m. b. H., Hauptnieder-
Ztr. 2863 lassung Berlin, NW. 7, Unter den Lin
den 39. T Rickmerslinie (s. Br. 2033).
Stpl.13767 Rickowski, Paula, Putz, Augsb.-Str. 42.
Hum. 2139 Rico Füllfeder-Ges., K. & O. Cohn, N.54.
Ob. 3266 Ridder, A., Buchdr., Rathausstr. 50.
Südr.(1003) Ridder, H., Fabrkt., Tmp., Ottokarstr.
Ndn. 4794 Ridder, H., Zigarren, Gartenstr. 6.
Mb. 6695 Ridder, Max, Direktor, Elberf.-Str. 23.
Mb. 3314 Ridder, R., Wilhelminenhofstr. 82.
Dönh. 673 Josef Riebe Film-Vertrieb G. m. b. H.,
Dönh. 630 SW. 48, Friedrichstr. 11. T Ridegfilm
(s. Br. 1612).
Nldf. 5213 Riderer, Dr. L., Schriftl., SW. 11.
Pfzb. 7748 Riden, Rely, Schausp., Wilmersdorf.
Neuk.(2505) Rieb, S., Kfm., Hermannstr. 166.
Alex. 1807 Derselbe, Kaiser Wilhelmstr. 25.
Weiß. 773 Riebe-Werk Aktiengesellschaft, Berlin-
bis	Weißensee, Riebestr. T Riebewerk
Weiß. 776 Berlin-Weißensee P 81700 (siehe
Br. 1442. 2846).
Rbg. 1325 Riebe, Rittmstr., Fr., Stierstr. 2.
Kurf. 6479 Riebe, A., Prokurist, Barbarossastr. 22.
Grünau138 Riebe, A., Direktor, Schmöckwitz.
Alfred Riebe Aktiengesellschaft, Mine-
Nldf. 7278 ralöl-, Torf- u. Teerprodukte,
Nldf. 7279 W. 35. Schöneberger Ufer 23. T Oelriebe
P 34495 (s. Br. 1730).
Kurf. 6479 Dieselbe, nach Büroschluß.
Wilh. 5078. 5079 Riebe, A. W., Automobile, Charl. 5.
Lzw. 7305 Riebe, A. W., Import, W. 9.
Nldf. 4999. Riebe, A. W., Kfm., Wilmersdorf.
Zehl. 2652 Riebe, A. W., Kfm., Dietlofstr.
Rel. 306-309 Riebe, A. W., Fugell.-Fbr., Wittenau.
Wilh. 5039 Riebe, Carl, Druckerei, NW. 87.
Kurf. 1188 Riebe, Claire, Pension, Augsburgerstr. 4.
Ztr. 2477 E. Riebe & Co., Elektrot. Bur., NW.7.
Stegl. 3735 Riebe, Fritz, Kfm., Schloßstr. 123.
Gr.L. (643) Riebe, Frau Hedwig, Rent., Brüderstr. 1
Mpl. 7507 Riebe, J., Schlosserei, Luckauerstr. 7.
Ob. 789	Riebe, Wilh., Apoth., Wilhelm.-Str. 42.
